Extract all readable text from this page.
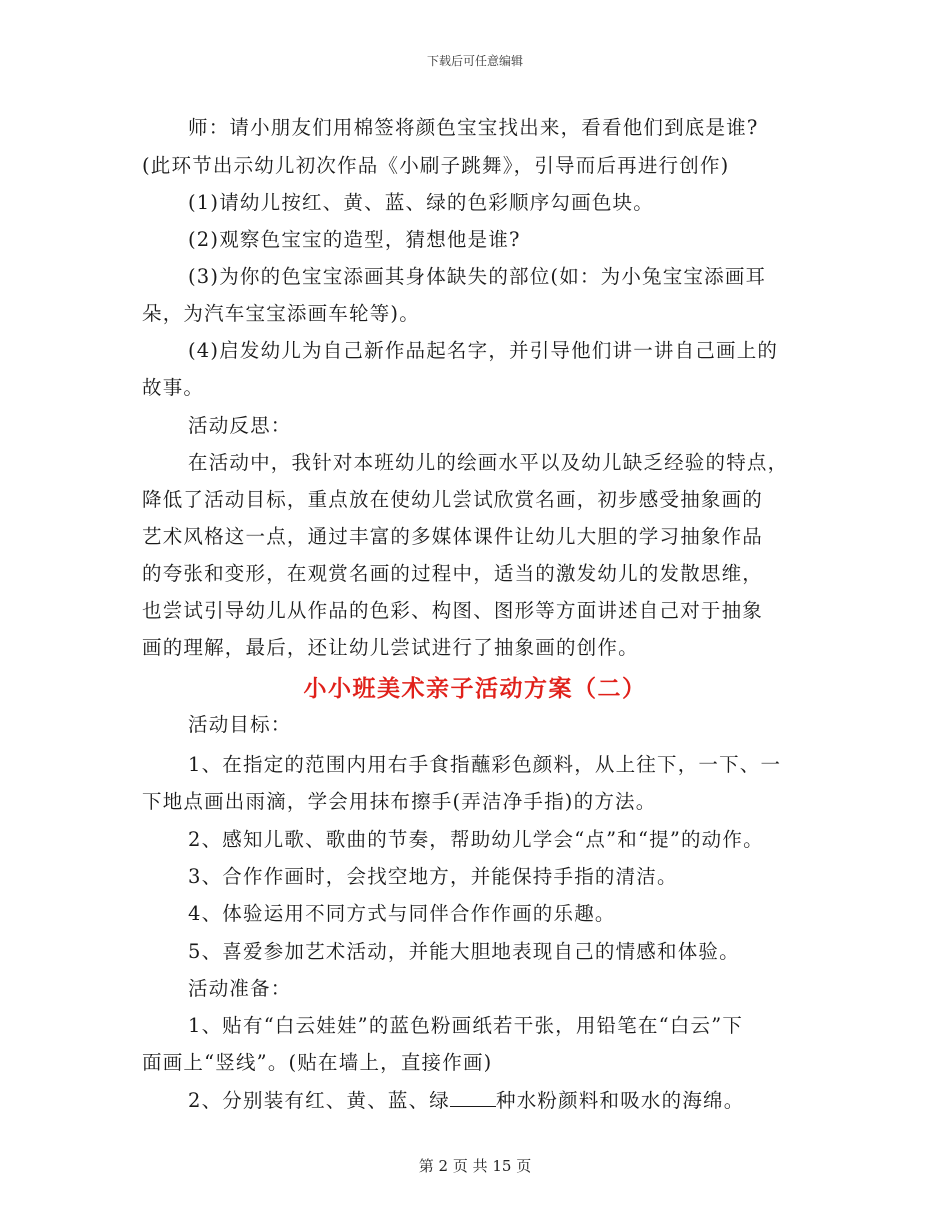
下载后可任意编辑
师：请小朋友们用棉签将颜色宝宝找出来，看看他们到底是谁?
(此环节出示幼儿初次作品《小刷子跳舞》，引导而后再进行创作)
(1)请幼儿按红、黄、蓝、绿的色彩顺序勾画色块。
(2)观察色宝宝的造型，猜想他是谁?
(3)为你的色宝宝添画其身体缺失的部位(如：为小兔宝宝添画耳
朵，为汽车宝宝添画车轮等)。
(4)启发幼儿为自己新作品起名字，并引导他们讲一讲自己画上的
故事。
活动反思：
在活动中，我针对本班幼儿的绘画水平以及幼儿缺乏经验的特点，
降低了活动目标，重点放在使幼儿尝试欣赏名画，初步感受抽象画的
艺术风格这一点，通过丰富的多媒体课件让幼儿大胆的学习抽象作品
的夸张和变形，在观赏名画的过程中，适当的激发幼儿的发散思维，
也尝试引导幼儿从作品的色彩、构图、图形等方面讲述自己对于抽象
画的理解，最后，还让幼儿尝试进行了抽象画的创作。
小小班美术亲子活动方案（二）
活动目标：
1、在指定的范围内用右手食指蘸彩色颜料，从上往下，一下、一
下地点画出雨滴，学会用抹布擦手(弄洁净手指)的方法。
2、感知儿歌、歌曲的节奏，帮助幼儿学会“点”和“提”的动作。
3、合作作画时，会找空地方，并能保持手指的清洁。
4、体验运用不同方式与同伴合作作画的乐趣。
5、喜爱参加艺术活动，并能大胆地表现自己的情感和体验。
活动准备：
1、贴有“白云娃娃”的蓝色粉画纸若干张，用铅笔在“白云”下
面画上“竖线”。(贴在墙上，直接作画)
2、分别装有红、黄、蓝、绿 种水粉颜料和吸水的海绵。
第 2 页 共 15 页
